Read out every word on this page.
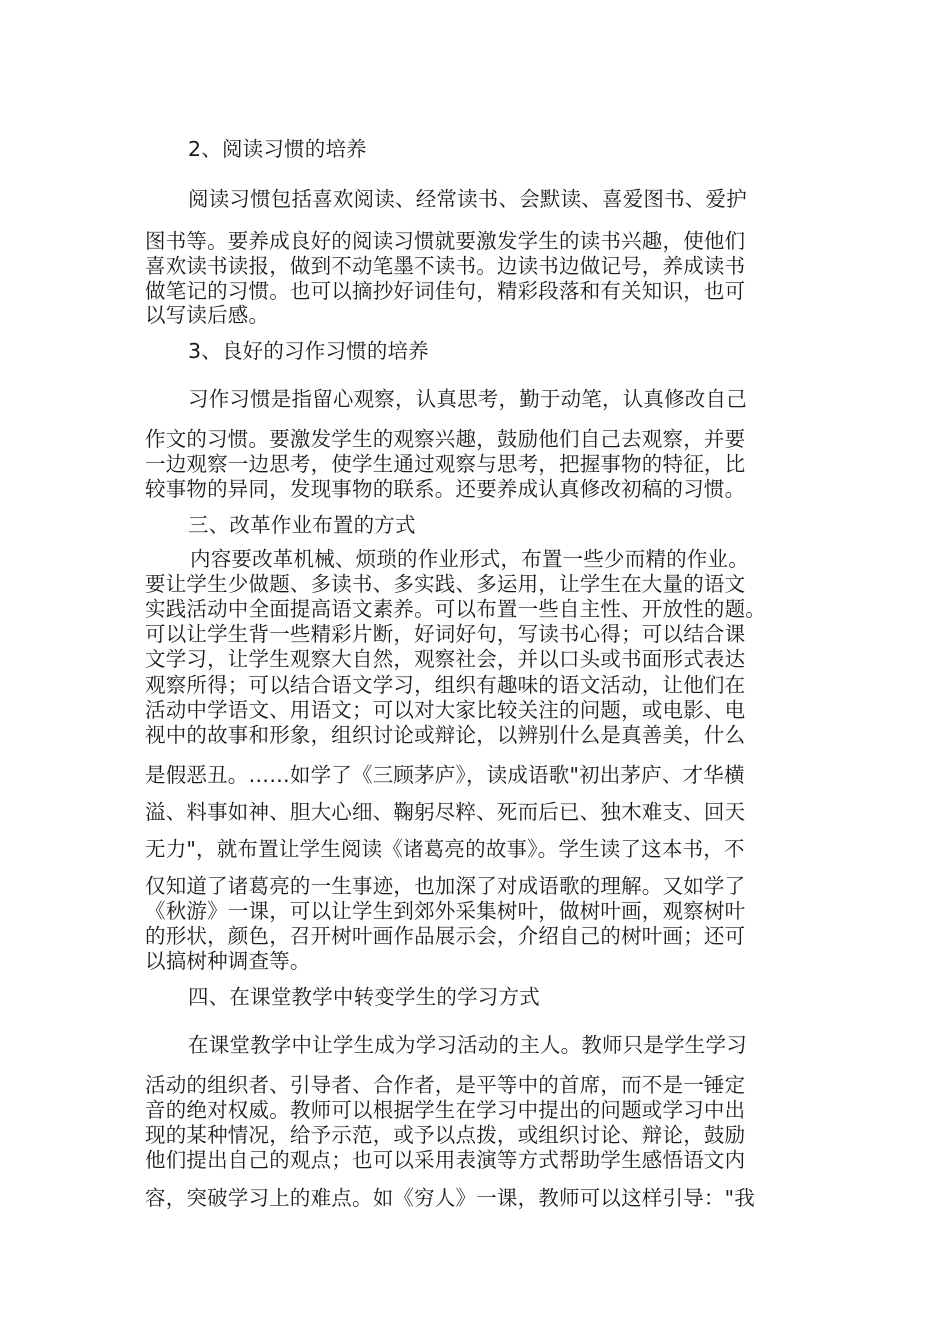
2、阅读习惯的培养
阅读习惯包括喜欢阅读、经常读书、会默读、喜爱图书、爱护
图书等。要养成良好的阅读习惯就要激发学生的读书兴趣，使他们
喜欢读书读报，做到不动笔墨不读书。边读书边做记号，养成读书
做笔记的习惯。也可以摘抄好词佳句，精彩段落和有关知识，也可
以写读后感。
3、良好的习作习惯的培养
习作习惯是指留心观察，认真思考，勤于动笔，认真修改自己
作文的习惯。要激发学生的观察兴趣，鼓励他们自己去观察，并要
一边观察一边思考，使学生通过观察与思考，把握事物的特征，比
较事物的异同，发现事物的联系。还要养成认真修改初稿的习惯。
三、改革作业布置的方式
内容要改革机械、烦琐的作业形式，布置一些少而精的作业。
要让学生少做题、多读书、多实践、多运用，让学生在大量的语文
实践活动中全面提高语文素养。可以布置一些自主性、开放性的题。
可以让学生背一些精彩片断，好词好句，写读书心得；可以结合课
文学习，让学生观察大自然，观察社会，并以口头或书面形式表达
观察所得；可以结合语文学习，组织有趣味的语文活动，让他们在
活动中学语文、用语文；可以对大家比较关注的问题，或电影、电
视中的故事和形象，组织讨论或辩论，以辨别什么是真善美，什么
是假恶丑。……如学了《三顾茅庐》，读成语歌"初出茅庐、才华横
溢、料事如神、胆大心细、鞠躬尽粹、死而后已、独木难支、回天
无力"，就布置让学生阅读《诸葛亮的故事》。学生读了这本书，不
仅知道了诸葛亮的一生事迹，也加深了对成语歌的理解。又如学了
《秋游》一课，可以让学生到郊外采集树叶，做树叶画，观察树叶
的形状，颜色，召开树叶画作品展示会，介绍自己的树叶画；还可
以搞树种调查等。
四、在课堂教学中转变学生的学习方式
在课堂教学中让学生成为学习活动的主人。教师只是学生学习
活动的组织者、引导者、合作者，是平等中的首席，而不是一锤定
音的绝对权威。教师可以根据学生在学习中提出的问题或学习中出
现的某种情况，给予示范，或予以点拨，或组织讨论、辩论，鼓励
他们提出自己的观点；也可以采用表演等方式帮助学生感悟语文内
容，突破学习上的难点。如《穷人》一课，教师可以这样引导："我
